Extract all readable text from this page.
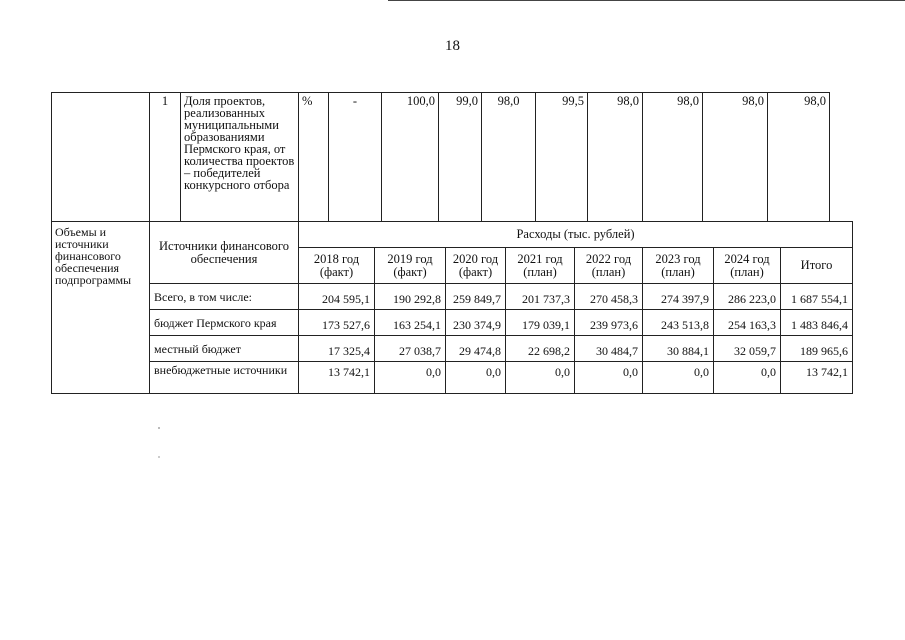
18
	1	Доля проектов, реализованных муниципальными образованиями Пермского края, от количества проектов – победителей конкурсного отбора	%	-	100,0	99,0	98,0	99,5	98,0	98,0	98,0	98,0
Объемы и источники финансового обеспечения подпрограммы	Источники финансового обеспечения	Расходы (тыс. рублей)							
		2018 год (факт)	2019 год (факт)	2020 год (факт)	2021 год (план)	2022 год (план)	2023 год (план)	2024 год (план)	Итого
	Всего, в том числе:	204 595,1	190 292,8	259 849,7	201 737,3	270 458,3	274 397,9	286 223,0	1 687 554,1
	бюджет Пермского края	173 527,6	163 254,1	230 374,9	179 039,1	239 973,6	243 513,8	254 163,3	1 483 846,4
	местный бюджет	17 325,4	27 038,7	29 474,8	22 698,2	30 484,7	30 884,1	32 059,7	189 965,6
	внебюджетные источники	13 742,1	0,0	0,0	0,0	0,0	0,0	0,0	13 742,1
